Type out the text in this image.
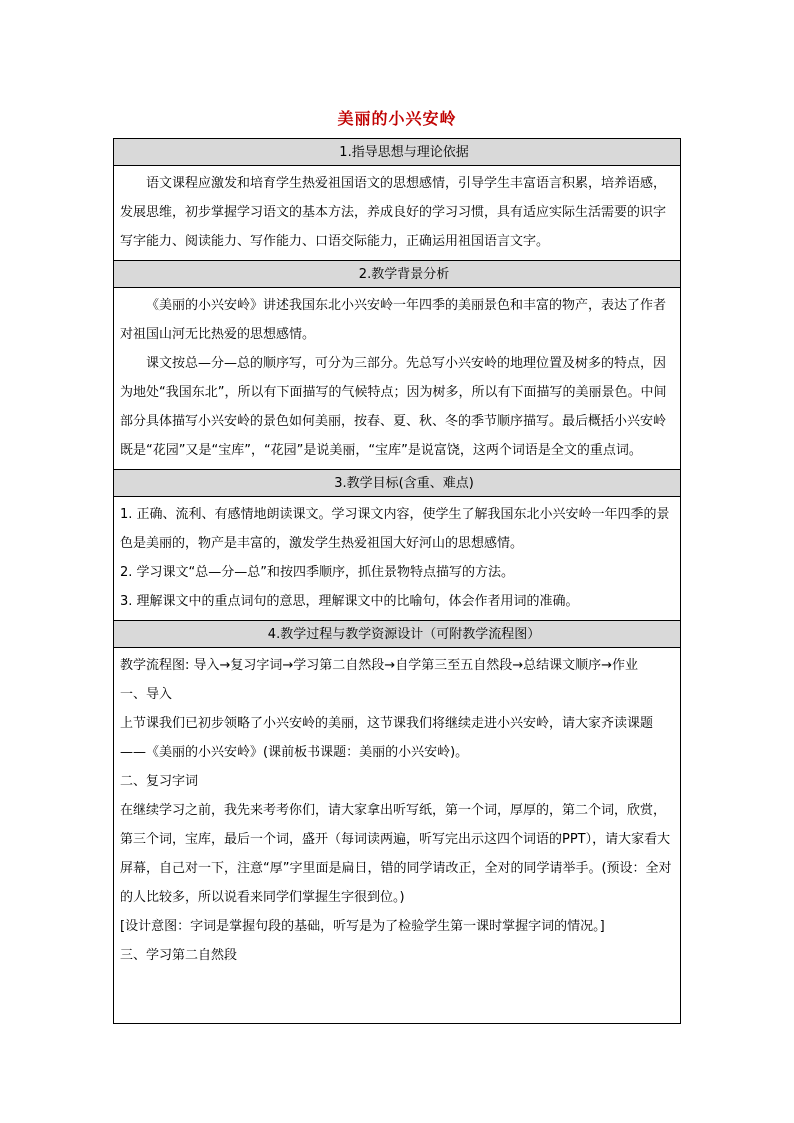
美丽的小兴安岭
1.指导思想与理论依据

语文课程应激发和培育学生热爱祖国语文的思想感情，引导学生丰富语言积累，培养语感，发展思维，初步掌握学习语文的基本方法，养成良好的学习习惯，具有适应实际生活需要的识字写字能力、阅读能力、写作能力、口语交际能力，正确运用祖国语言文字。

2.教学背景分析

《美丽的小兴安岭》讲述我国东北小兴安岭一年四季的美丽景色和丰富的物产，表达了作者对祖国山河无比热爱的思想感情。

课文按总—分—总的顺序写，可分为三部分。先总写小兴安岭的地理位置及树多的特点，因为地处“我国东北”，所以有下面描写的气候特点；因为树多，所以有下面描写的美丽景色。中间部分具体描写小兴安岭的景色如何美丽，按春、夏、秋、冬的季节顺序描写。最后概括小兴安岭既是“花园”又是“宝库”，“花园”是说美丽，“宝库”是说富饶，这两个词语是全文的重点词。

3.教学目标(含重、难点)

1. 正确、流利、有感情地朗读课文。学习课文内容，使学生了解我国东北小兴安岭一年四季的景色是美丽的，物产是丰富的，激发学生热爱祖国大好河山的思想感情。

2. 学习课文“总—分—总”和按四季顺序，抓住景物特点描写的方法。

3. 理解课文中的重点词句的意思，理解课文中的比喻句，体会作者用词的准确。

4.教学过程与教学资源设计（可附教学流程图）

教学流程图: 导入→复习字词→学习第二自然段→自学第三至五自然段→总结课文顺序→作业

一、导入

上节课我们已初步领略了小兴安岭的美丽，这节课我们将继续走进小兴安岭，请大家齐读课题——《美丽的小兴安岭》(课前板书课题：美丽的小兴安岭)。

二、复习字词

在继续学习之前，我先来考考你们，请大家拿出听写纸，第一个词，厚厚的，第二个词，欣赏，第三个词，宝库，最后一个词，盛开（每词读两遍，听写完出示这四个词语的PPT），请大家看大屏幕，自己对一下，注意“厚”字里面是扁日，错的同学请改正，全对的同学请举手。(预设：全对的人比较多，所以说看来同学们掌握生字很到位。)

[设计意图：字词是掌握句段的基础，听写是为了检验学生第一课时掌握字词的情况。]

三、学习第二自然段
